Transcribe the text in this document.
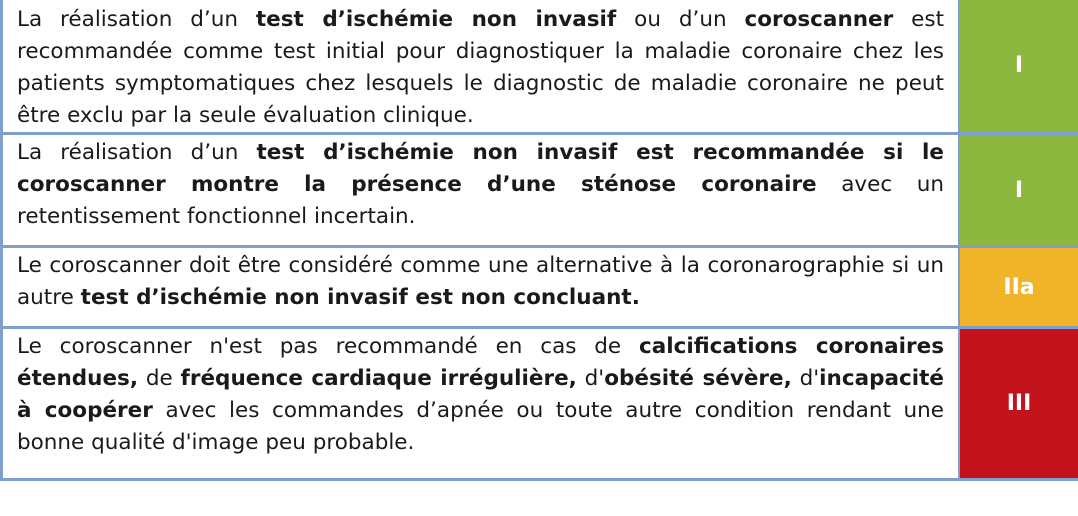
La réalisation d’un test d’ischémie non invasif ou d’un coroscanner est recommandée comme test initial pour diagnostiquer la maladie coronaire chez les patients symptomatiques chez lesquels le diagnostic de maladie coronaire ne peut être exclu par la seule évaluation clinique.
I
La réalisation d’un test d’ischémie non invasif est recommandée si le coroscanner montre la présence d’une sténose coronaire avec un retentissement fonctionnel incertain.
I
Le coroscanner doit être considéré comme une alternative à la coronarographie si un autre test d’ischémie non invasif est non concluant.	IIa
Le coroscanner n'est pas recommandé en cas de calcifications coronaires étendues, de fréquence cardiaque irrégulière, d'obésité sévère, d'incapacité à coopérer avec les commandes d’apnée ou toute autre condition rendant une bonne qualité d'image peu probable.
III
